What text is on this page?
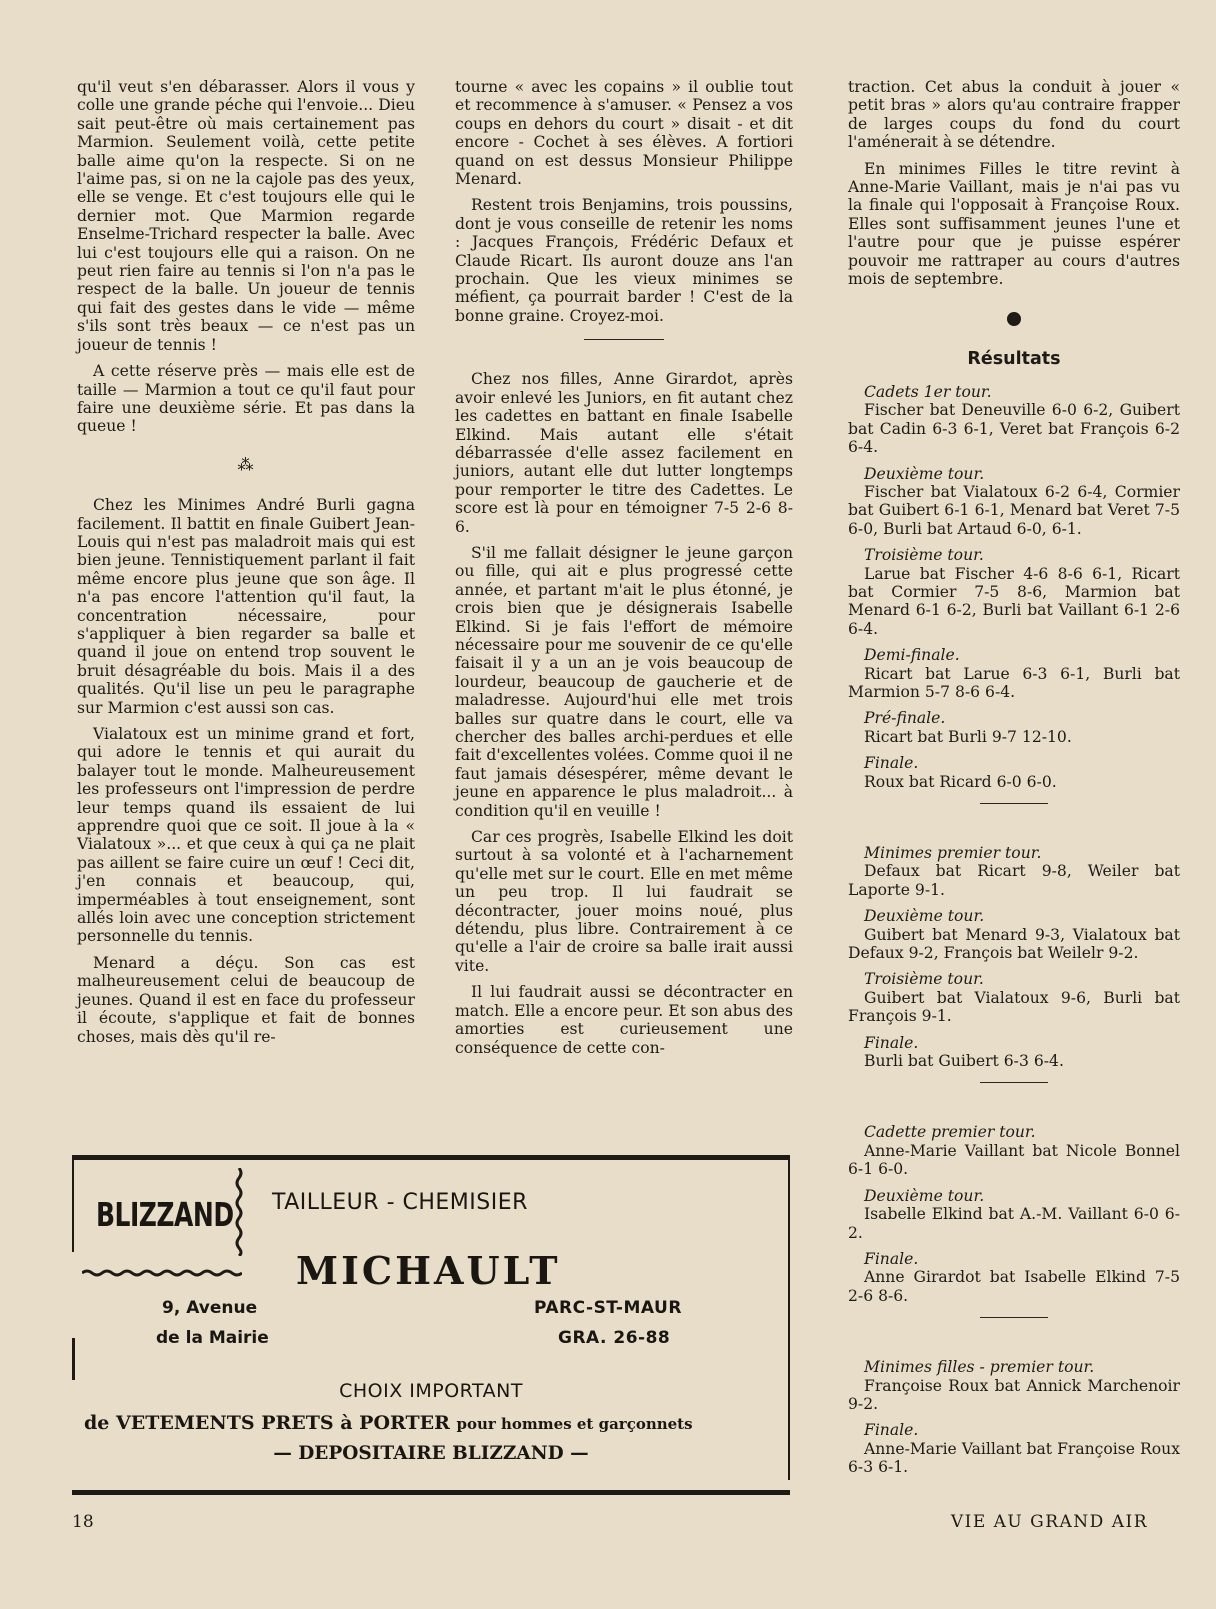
qu'il veut s'en débarasser. Alors il vous y colle une grande péche qui l'envoie... Dieu sait peut-être où mais certainement pas Marmion. Seulement voilà, cette petite balle aime qu'on la respecte. Si on ne l'aime pas, si on ne la cajole pas des yeux, elle se venge. Et c'est toujours elle qui le dernier mot. Que Marmion regarde Enselme-Trichard respecter la balle. Avec lui c'est toujours elle qui a raison. On ne peut rien faire au tennis si l'on n'a pas le respect de la balle. Un joueur de tennis qui fait des gestes dans le vide — même s'ils sont très beaux — ce n'est pas un joueur de tennis !

A cette réserve près — mais elle est de taille — Marmion a tout ce qu'il faut pour faire une deuxième série. Et pas dans la queue !

⁂

Chez les Minimes André Burli gagna facilement. Il battit en finale Guibert Jean-Louis qui n'est pas maladroit mais qui est bien jeune. Tennistiquement parlant il fait même encore plus jeune que son âge. Il n'a pas encore l'attention qu'il faut, la concentration nécessaire, pour s'appliquer à bien regarder sa balle et quand il joue on entend trop souvent le bruit désagréable du bois. Mais il a des qualités. Qu'il lise un peu le paragraphe sur Marmion c'est aussi son cas.

Vialatoux est un minime grand et fort, qui adore le tennis et qui aurait du balayer tout le monde. Malheureusement les professeurs ont l'impression de perdre leur temps quand ils essaient de lui apprendre quoi que ce soit. Il joue à la « Vialatoux »... et que ceux à qui ça ne plait pas aillent se faire cuire un œuf ! Ceci dit, j'en connais et beaucoup, qui, imperméables à tout enseignement, sont allés loin avec une conception strictement personnelle du tennis.

Menard a déçu. Son cas est malheureusement celui de beaucoup de jeunes. Quand il est en face du professeur il écoute, s'applique et fait de bonnes choses, mais dès qu'il re-

tourne « avec les copains » il oublie tout et recommence à s'amuser. « Pensez a vos coups en dehors du court » disait - et dit encore - Cochet à ses élèves. A fortiori quand on est dessus Monsieur Philippe Menard.

Restent trois Benjamins, trois poussins, dont je vous conseille de retenir les noms : Jacques François, Frédéric Defaux et Claude Ricart. Ils auront douze ans l'an prochain. Que les vieux minimes se méfient, ça pourrait barder ! C'est de la bonne graine. Croyez-moi.

Chez nos filles, Anne Girardot, après avoir enlevé les Juniors, en fit autant chez les cadettes en battant en finale Isabelle Elkind. Mais autant elle s'était débarrassée d'elle assez facilement en juniors, autant elle dut lutter longtemps pour remporter le titre des Cadettes. Le score est là pour en témoigner 7-5 2-6 8-6.

S'il me fallait désigner le jeune garçon ou fille, qui ait e plus progressé cette année, et partant m'ait le plus étonné, je crois bien que je désignerais Isabelle Elkind. Si je fais l'effort de mémoire nécessaire pour me souvenir de ce qu'elle faisait il y a un an je vois beaucoup de lourdeur, beaucoup de gaucherie et de maladresse. Aujourd'hui elle met trois balles sur quatre dans le court, elle va chercher des balles archi-perdues et elle fait d'excellentes volées. Comme quoi il ne faut jamais désespérer, même devant le jeune en apparence le plus maladroit... à condition qu'il en veuille !

Car ces progrès, Isabelle Elkind les doit surtout à sa volonté et à l'acharnement qu'elle met sur le court. Elle en met même un peu trop. Il lui faudrait se décontracter, jouer moins noué, plus détendu, plus libre. Contrairement à ce qu'elle a l'air de croire sa balle irait aussi vite.

Il lui faudrait aussi se décontracter en match. Elle a encore peur. Et son abus des amorties est curieusement une conséquence de cette con-

traction. Cet abus la conduit à jouer « petit bras » alors qu'au contraire frapper de larges coups du fond du court l'aménerait à se détendre.

En minimes Filles le titre revint à Anne-Marie Vaillant, mais je n'ai pas vu la finale qui l'opposait à Françoise Roux. Elles sont suffisamment jeunes l'une et l'autre pour que je puisse espérer pouvoir me rattraper au cours d'autres mois de septembre.

Résultats
Cadets 1er tour.

Fischer bat Deneuville 6-0 6-2, Guibert bat Cadin 6-3 6-1, Veret bat François 6-2 6-4.

Deuxième tour.

Fischer bat Vialatoux 6-2 6-4, Cormier bat Guibert 6-1 6-1, Menard bat Veret 7-5 6-0, Burli bat Artaud 6-0, 6-1.

Troisième tour.

Larue bat Fischer 4-6 8-6 6-1, Ricart bat Cormier 7-5 8-6, Marmion bat Menard 6-1 6-2, Burli bat Vaillant 6-1 2-6 6-4.

Demi-finale.

Ricart bat Larue 6-3 6-1, Burli bat Marmion 5-7 8-6 6-4.

Pré-finale.

Ricart bat Burli 9-7 12-10.

Finale.

Roux bat Ricard 6-0 6-0.

Minimes premier tour.

Defaux bat Ricart 9-8, Weiler bat Laporte 9-1.

Deuxième tour.

Guibert bat Menard 9-3, Vialatoux bat Defaux 9-2, François bat Weilelr 9-2.

Troisième tour.

Guibert bat Vialatoux 9-6, Burli bat François 9-1.

Finale.

Burli bat Guibert 6-3 6-4.

Cadette premier tour.

Anne-Marie Vaillant bat Nicole Bonnel 6-1 6-0.

Deuxième tour.

Isabelle Elkind bat A.-M. Vaillant 6-0 6-2.

Finale.

Anne Girardot bat Isabelle Elkind 7-5 2-6 8-6.

Minimes filles - premier tour.

Françoise Roux bat Annick Marchenoir 9-2.

Finale.

Anne-Marie Vaillant bat Françoise Roux 6-3 6-1.

BLIZZAND TAILLEUR - CHEMISIER
MICHAULT
9, Avenue
de la Mairie
PARC-ST-MAUR
GRA. 26-88
CHOIX IMPORTANT
de VETEMENTS PRETS à PORTER pour hommes et garçonnets
— DEPOSITAIRE BLIZZAND —
18	VIE AU GRAND AIR
